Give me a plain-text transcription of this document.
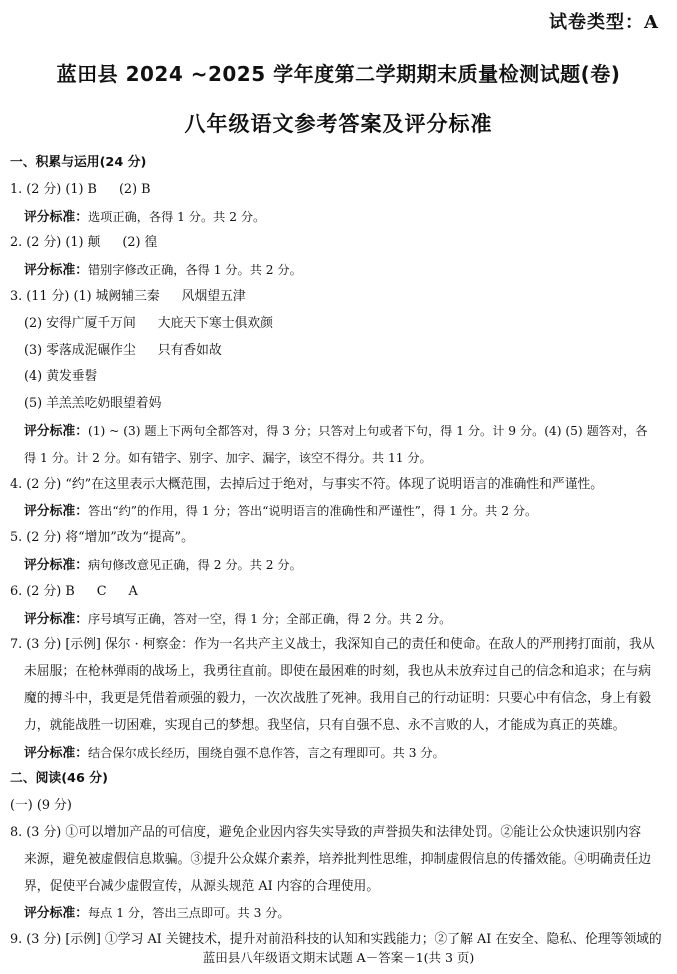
试卷类型：A
蓝田县 2024 ~2025 学年度第二学期期末质量检测试题(卷)
八年级语文参考答案及评分标准
一、积累与运用(24 分)
1. (2 分) (1) B (2) B
评分标准：选项正确，各得 1 分。共 2 分。
2. (2 分) (1) 颠 (2) 徨
评分标准：错别字修改正确，各得 1 分。共 2 分。
3. (11 分) (1) 城阙辅三秦 风烟望五津
(2) 安得广厦千万间 大庇天下寒士俱欢颜
(3) 零落成泥碾作尘 只有香如故
(4) 黄发垂髫
(5) 羊羔羔吃奶眼望着妈
评分标准：(1) ~ (3) 题上下两句全都答对，得 3 分；只答对上句或者下句，得 1 分。计 9 分。(4) (5) 题答对，各
得 1 分。计 2 分。如有错字、别字、加字、漏字，该空不得分。共 11 分。
4. (2 分) “约”在这里表示大概范围，去掉后过于绝对，与事实不符。体现了说明语言的准确性和严谨性。
评分标准：答出“约”的作用，得 1 分；答出“说明语言的准确性和严谨性”，得 1 分。共 2 分。
5. (2 分) 将“增加”改为“提高”。
评分标准：病句修改意见正确，得 2 分。共 2 分。
6. (2 分) B C A
评分标准：序号填写正确，答对一空，得 1 分；全部正确，得 2 分。共 2 分。
7. (3 分) [示例] 保尔 · 柯察金：作为一名共产主义战士，我深知自己的责任和使命。在敌人的严刑拷打面前，我从
未屈服；在枪林弹雨的战场上，我勇往直前。即使在最困难的时刻，我也从未放弃过自己的信念和追求；在与病
魔的搏斗中，我更是凭借着顽强的毅力，一次次战胜了死神。我用自己的行动证明：只要心中有信念，身上有毅
力，就能战胜一切困难，实现自己的梦想。我坚信，只有自强不息、永不言败的人，才能成为真正的英雄。
评分标准：结合保尔成长经历，围绕自强不息作答，言之有理即可。共 3 分。
二、阅读(46 分)
(一) (9 分)
8. (3 分) ①可以增加产品的可信度，避免企业因内容失实导致的声誉损失和法律处罚。②能让公众快速识别内容
来源，避免被虚假信息欺骗。③提升公众媒介素养，培养批判性思维，抑制虚假信息的传播效能。④明确责任边
界，促使平台减少虚假宣传，从源头规范 AI 内容的合理使用。
评分标准：每点 1 分，答出三点即可。共 3 分。
9. (3 分) [示例] ①学习 AI 关键技术，提升对前沿科技的认知和实践能力；②了解 AI 在安全、隐私、伦理等领域的
蓝田县八年级语文期末试题 A－答案－1(共 3 页)
